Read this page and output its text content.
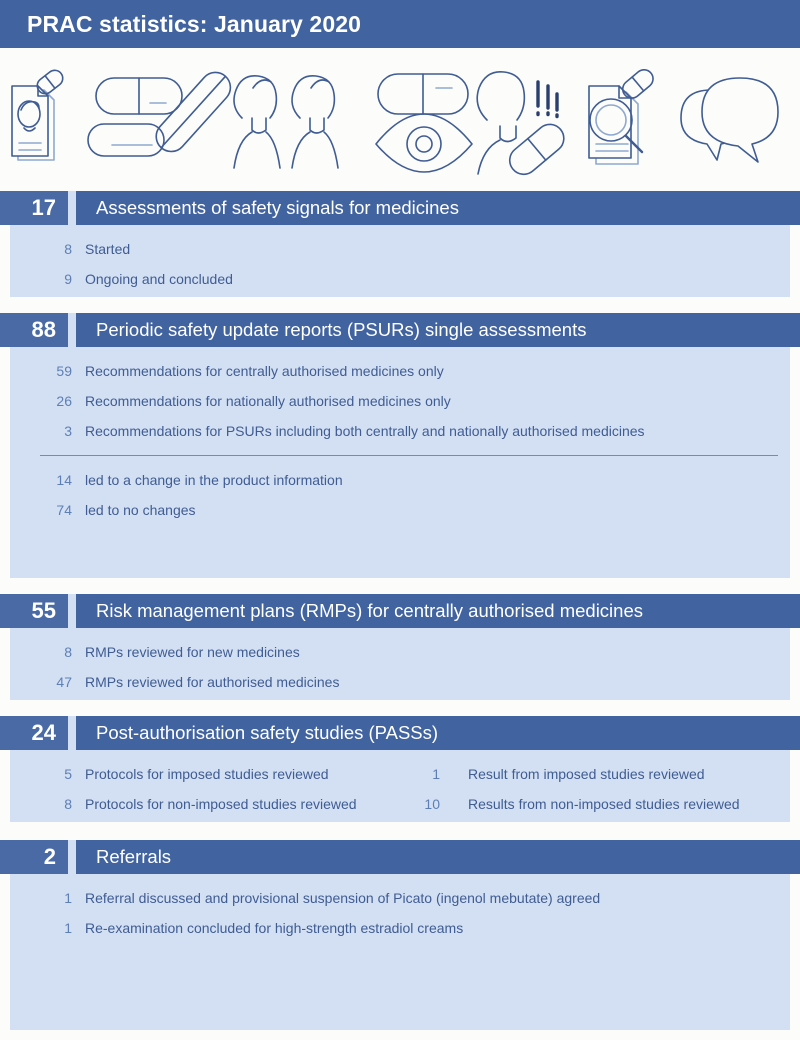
PRAC statistics: January 2020
17	Assessments of safety signals for medicines
8 Started
9 Ongoing and concluded
88	Periodic safety update reports (PSURs) single assessments
59 Recommendations for centrally authorised medicines only
26 Recommendations for nationally authorised medicines only
3 Recommendations for PSURs including both centrally and nationally authorised medicines
14 led to a change in the product information
74 led to no changes
55	Risk management plans (RMPs) for centrally authorised medicines
8 RMPs reviewed for new medicines
47 RMPs reviewed for authorised medicines
24	Post-authorisation safety studies (PASSs)
5 Protocols for imposed studies reviewed	1 Result from imposed studies reviewed
8 Protocols for non-imposed studies reviewed	10 Results from non-imposed studies reviewed
2	Referrals
1 Referral discussed and provisional suspension of Picato (ingenol mebutate) agreed
1 Re-examination concluded for high-strength estradiol creams
